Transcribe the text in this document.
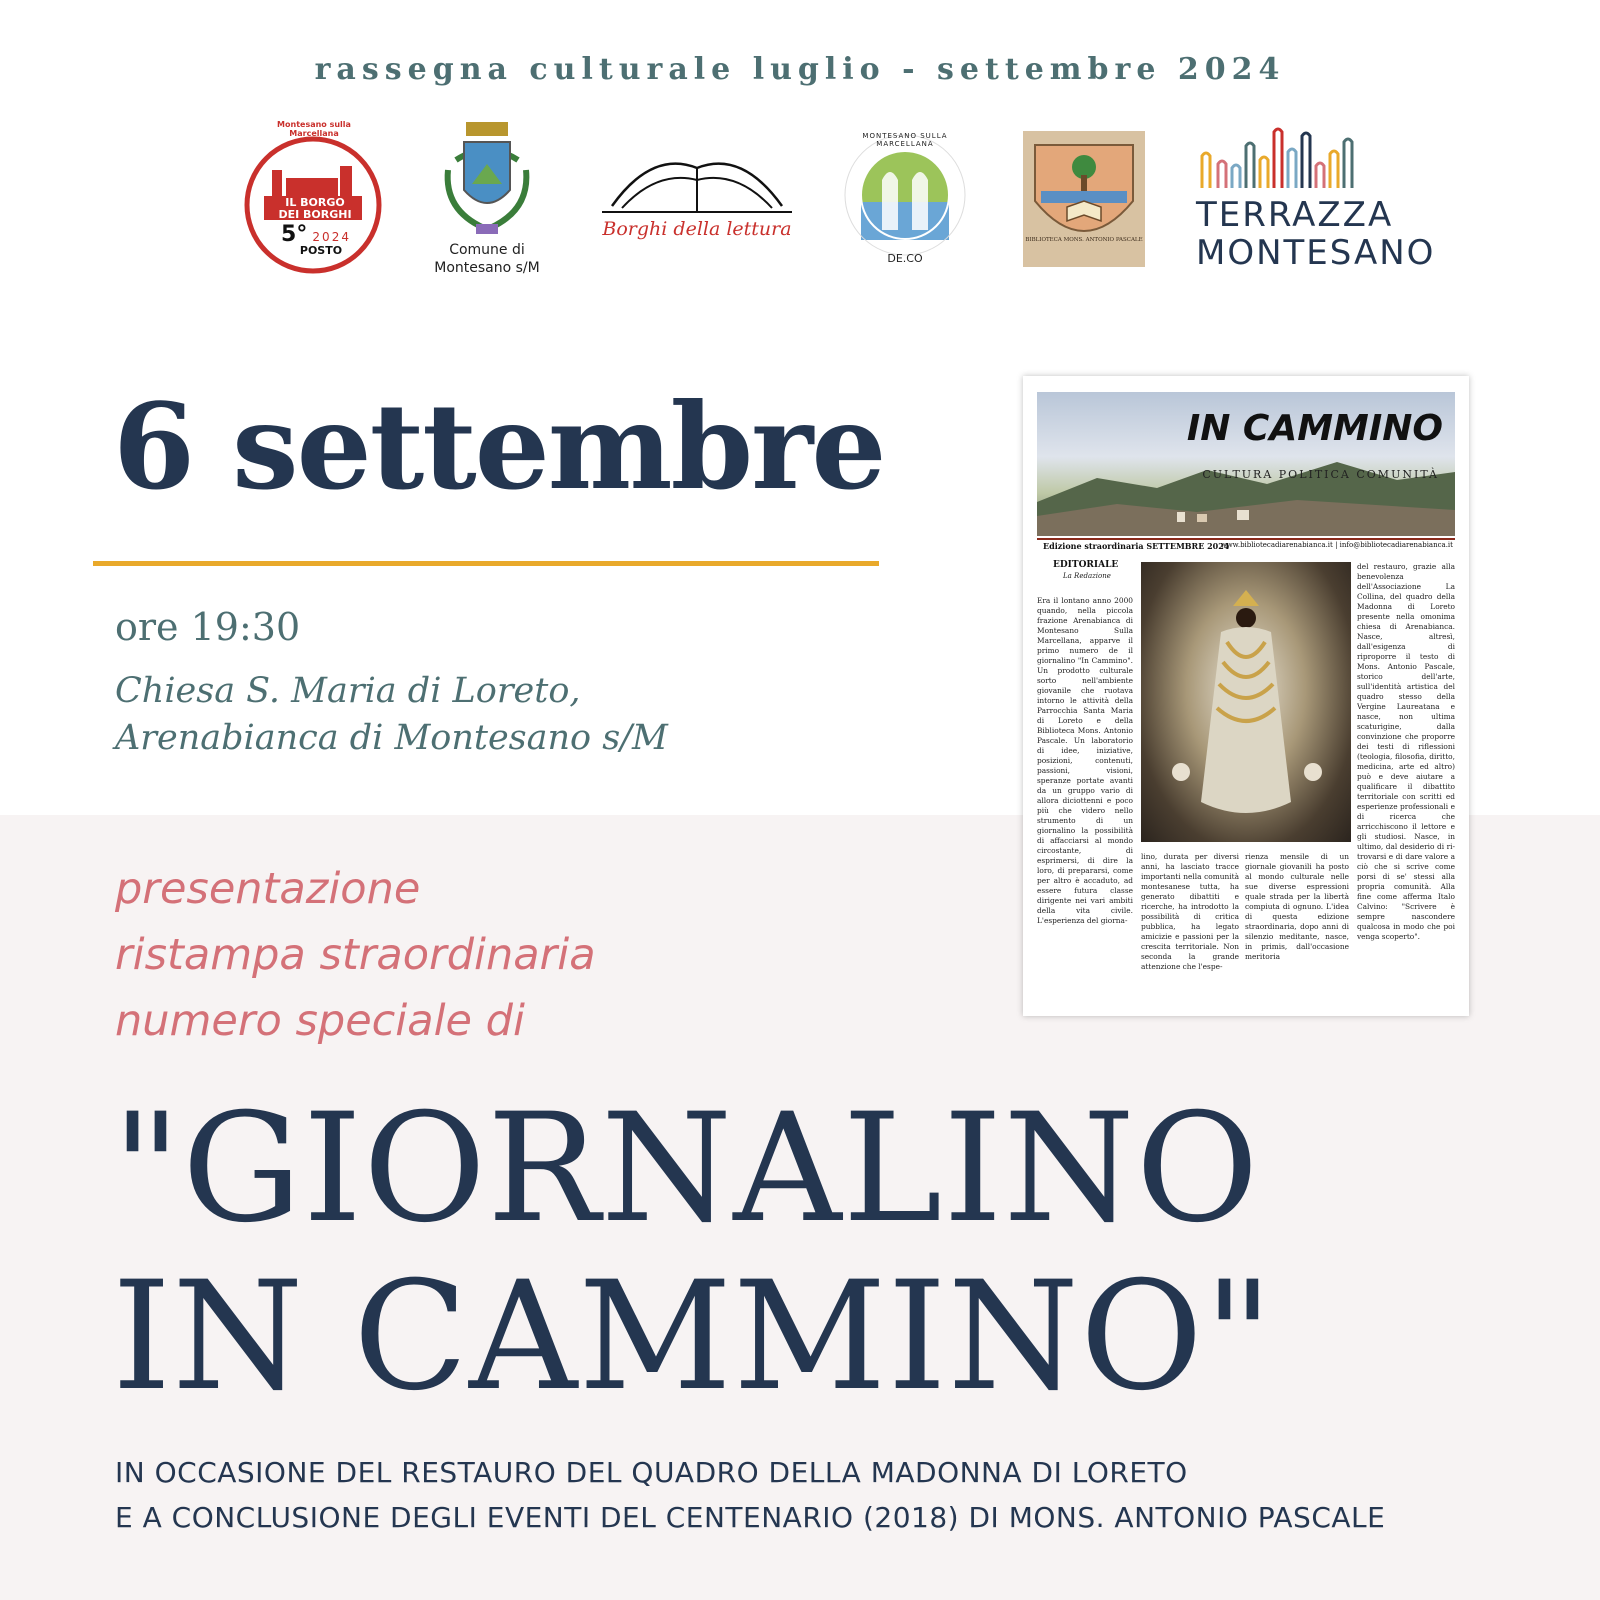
rassegna culturale luglio - settembre 2024
IL BORGO
DEI BORGHI
5° 2024
POSTO
Montesano sulla Marcellana
Comune di
Montesano s/M
Borghi della lettura
MONTESANO SULLA MARCELLANA
DE.CO
BIBLIOTECA MONS. ANTONIO PASCALE
TERRAZZA
MONTESANO
6 settembre
ore 19:30
Chiesa S. Maria di Loreto,
Arenabianca di Montesano s/M
presentazione
ristampa straordinaria
numero speciale di
"GIORNALINO
IN CAMMINO"
IN OCCASIONE DEL RESTAURO DEL QUADRO DELLA MADONNA DI LORETO
E A CONCLUSIONE DEGLI EVENTI DEL CENTENARIO (2018) DI MONS. ANTONIO PASCALE
IN CAMMINO
CULTURA POLITICA COMUNITÀ
Edizione straordinaria SETTEMBRE 2024
www.bibliotecadiarenabianca.it | info@bibliotecadiarenabianca.it
EDITORIALE
La Redazione
Era il lontano anno 2000 quando, nella piccola frazione Arenabianca di Montesano Sulla Marcellana, apparve il primo numero de il giornalino "In Cammino". Un prodotto culturale sorto nell'ambiente giovanile che ruotava intorno le attività della Parrocchia Santa Maria di Loreto e della Biblioteca Mons. Antonio Pascale. Un laboratorio di idee, iniziative, posizioni, contenuti, passioni, visioni, speranze portate avanti da un gruppo vario di allora diciottenni e poco più che videro nello strumento di un giornalino la possibilità di affacciarsi al mondo circostante, di esprimersi, di dire la loro, di prepararsi, come per altro è accaduto, ad essere futura classe dirigente nei vari ambiti della vita civile. L'esperienza del giorna-
lino, durata per diversi anni, ha lasciato tracce importanti nella comunità montesanese tutta, ha generato dibattiti e ricerche, ha introdotto la possibilità di critica pubblica, ha legato amicizie e passioni per la crescita territoriale. Non seconda la grande attenzione che l'espe-
rienza mensile di un giornale giovanili ha posto al mondo culturale nelle sue diverse espressioni quale strada per la libertà compiuta di ognuno. L'idea di questa edizione straordinaria, dopo anni di silenzio meditante, nasce, in primis, dall'occasione meritoria
del restauro, grazie alla benevolenza dell'Associazione La Collina, del quadro della Madonna di Loreto presente nella omonima chiesa di Arenabianca. Nasce, altresì, dall'esigenza di riproporre il testo di Mons. Antonio Pascale, storico dell'arte, sull'identità artistica del quadro stesso della Vergine Laureatana e nasce, non ultima scaturigine, dalla convinzione che proporre dei testi di riflessioni (teologia, filosofia, diritto, medicina, arte ed altro) può e deve aiutare a qualificare il dibattito territoriale con scritti ed esperienze professionali e di ricerca che arricchiscono il lettore e gli studiosi. Nasce, in ultimo, dal desiderio di ri-trovarsi e di dare valore a ciò che si scrive come porsi di se' stessi alla propria comunità. Alla fine come afferma Italo Calvino: "Scrivere è sempre nascondere qualcosa in modo che poi venga scoperto".
